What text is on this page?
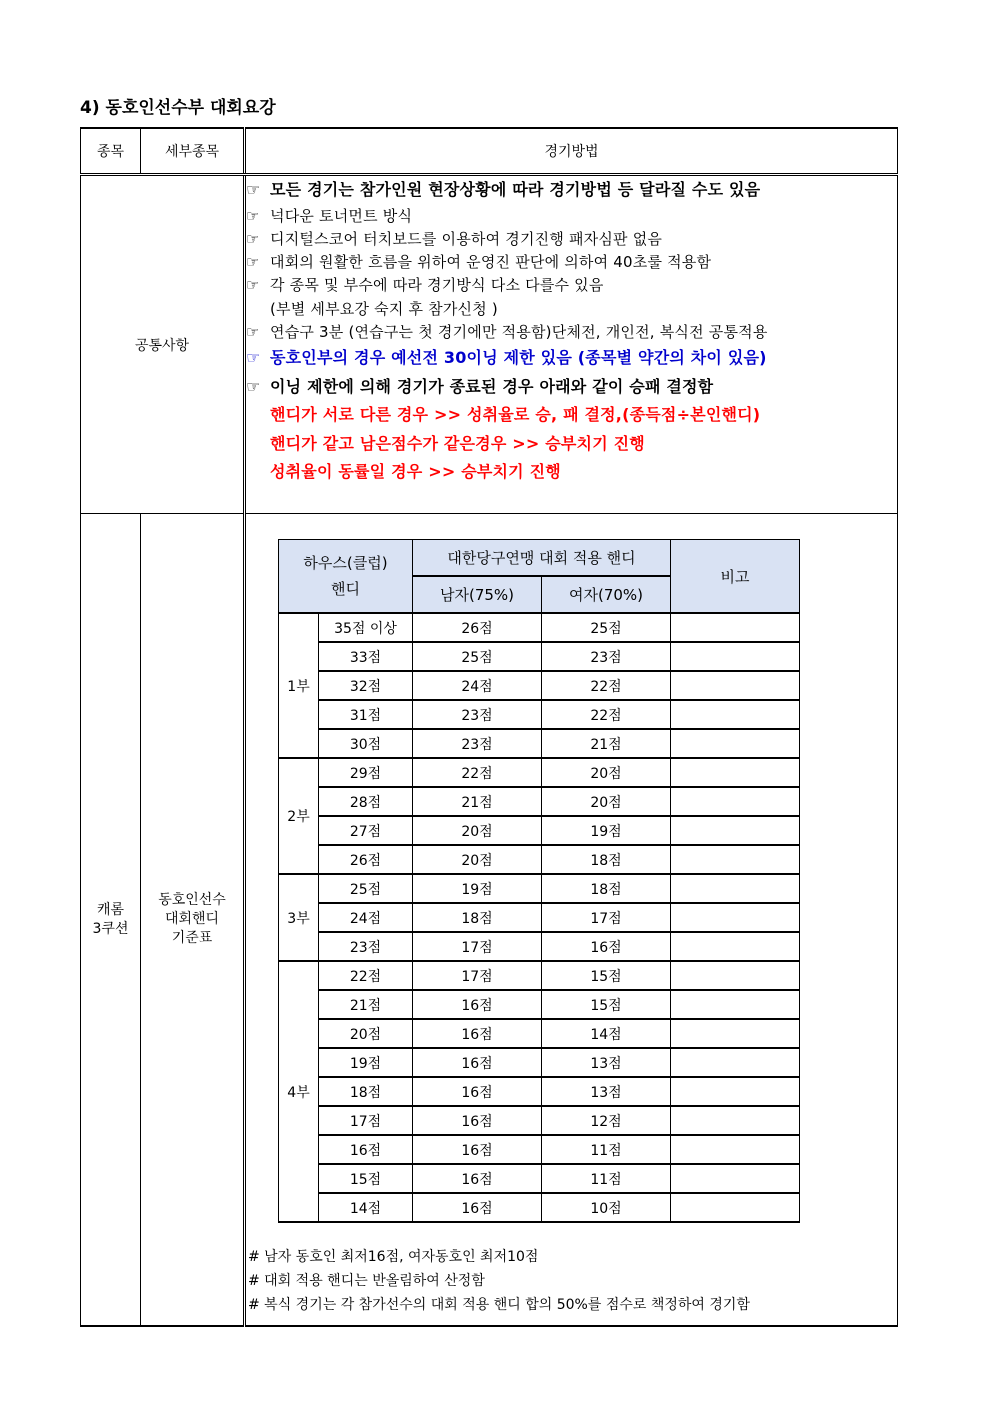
4) 동호인선수부 대회요강
종목	세부종목	경기방법
공통사항	
☞ 모든 경기는 참가인원 현장상황에 따라 경기방법 등 달라질 수도 있음
☞ 넉다운 토너먼트 방식
☞ 디지털스코어 터치보드를 이용하여 경기진행 패자심판 없음
☞ 대회의 원활한 흐름을 위하여 운영진 판단에 의하여 40초룰 적용함
☞ 각 종목 및 부수에 따라 경기방식 다소 다를수 있음
(부별 세부요강 숙지 후 참가신청 )
☞ 연습구 3분 (연습구는 첫 경기에만 적용함)단체전, 개인전, 복식전 공통적용
☞ 동호인부의 경우 예선전 30이닝 제한 있음 (종목별 약간의 차이 있음)
☞ 이닝 제한에 의해 경기가 종료된 경우 아래와 같이 승패 결정함
핸디가 서로 다른 경우 >> 성취율로 승, 패 결정,(종득점÷본인핸디)
핸디가 같고 남은점수가 같은경우 >> 승부치기 진행
성취율이 동률일 경우 >> 승부치기 진행

캐롬
3쿠션	동호인선수
대회핸디
기준표	
하우스(클럽)
핸디	대한당구연맹 대회 적용 핸디	비고
남자(75%)	여자(70%)
1부	35점 이상	26점	25점	
33점	25점	23점	
32점	24점	22점	
31점	23점	22점	
30점	23점	21점	
2부	29점	22점	20점	
28점	21점	20점	
27점	20점	19점	
26점	20점	18점	
3부	25점	19점	18점	
24점	18점	17점	
23점	17점	16점	
4부	22점	17점	15점	
21점	16점	15점	
20점	16점	14점	
19점	16점	13점	
18점	16점	13점	
17점	16점	12점	
16점	16점	11점	
15점	16점	11점	
14점	16점	10점	
# 남자 동호인 최저16점, 여자동호인 최저10점
# 대회 적용 핸디는 반올림하여 산정함
# 복식 경기는 각 참가선수의 대회 적용 핸디 합의 50%를 점수로 책정하여 경기함
